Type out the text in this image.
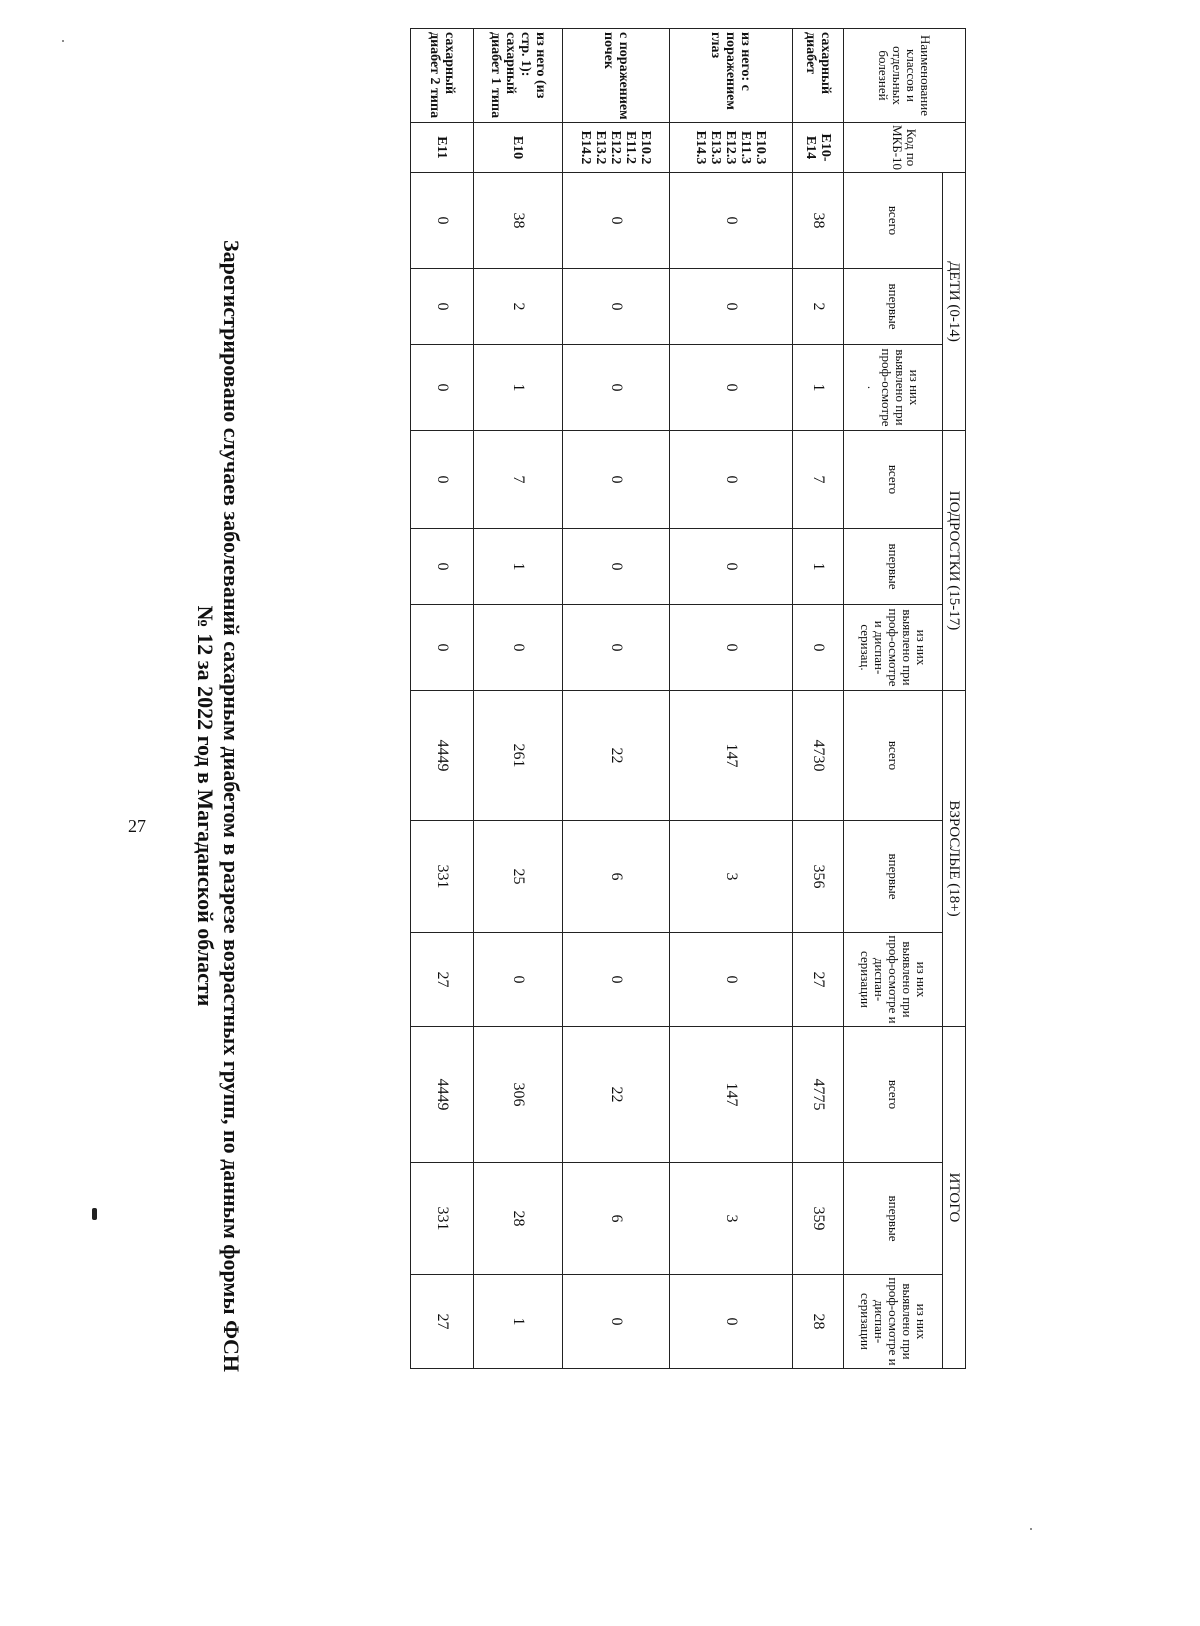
27	Зарегистрировано случаев заболеваний сахарным диабетом в разрезе возрастных групп, по данным формы ФСН
№ 12 за 2022 год в Магаданской области
Наименование классов и отдельных болезней	Код по МКБ-10	ДЕТИ (0-14)			ПОДРОСТКИ (15-17)			ВЗРОСЛЫЕ (18+)			ИТОГО		
		всего	впервые	из них выявлено при проф-осмотре .	всего	впервые	из них выявлено при проф-осмотре и диспан-серизац.	всего	впервые	из них выявлено при проф-осмотре и диспан-серизации	всего	впервые	из них выявлено при проф-осмотре и диспан-серизации
сахарный диабет	E10-E14	38	2	1	7	1	0	4730	356	27	4775	359	28
из него: с поражением глаз	E10.3 E11.3 E12.3 E13.3 E14.3	0	0	0	0	0	0	147	3	0	147	3	0
с поражением почек	E10.2 E11.2 E12.2 E13.2 E14.2	0	0	0	0	0	0	22	6	0	22	6	0
из него (из стр. 1): сахарный диабет 1 типа	E10	38	2	1	7	1	0	261	25	0	306	28	1
сахарный диабет 2 типа	E11	0	0	0	0	0	0	4449	331	27	4449	331	27
